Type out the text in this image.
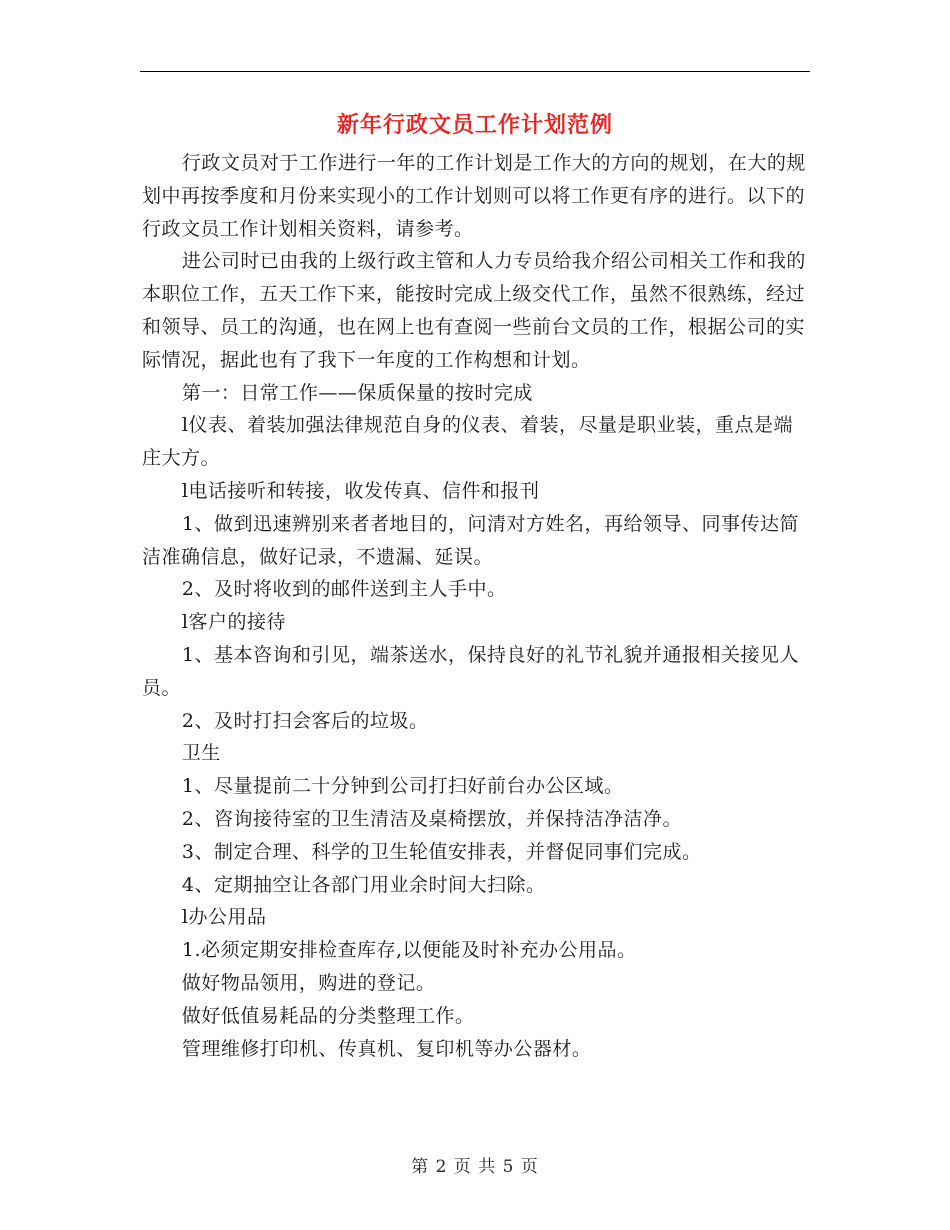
新年行政文员工作计划范例

行政文员对于工作进行一年的工作计划是工作大的方向的规划，在大的规划中再按季度和月份来实现小的工作计划则可以将工作更有序的进行。以下的行政文员工作计划相关资料，请参考。

进公司时已由我的上级行政主管和人力专员给我介绍公司相关工作和我的本职位工作，五天工作下来，能按时完成上级交代工作，虽然不很熟练，经过和领导、员工的沟通，也在网上也有查阅一些前台文员的工作，根据公司的实际情况，据此也有了我下一年度的工作构想和计划。

第一：日常工作——保质保量的按时完成

l仪表、着装加强法律规范自身的仪表、着装，尽量是职业装，重点是端庄大方。

l电话接听和转接，收发传真、信件和报刊

1、做到迅速辨别来者者地目的，问清对方姓名，再给领导、同事传达简洁准确信息，做好记录，不遗漏、延误。

2、及时将收到的邮件送到主人手中。

l客户的接待

1、基本咨询和引见，端茶送水，保持良好的礼节礼貌并通报相关接见人员。

2、及时打扫会客后的垃圾。

卫生

1、尽量提前二十分钟到公司打扫好前台办公区域。

2、咨询接待室的卫生清洁及桌椅摆放，并保持洁净洁净。

3、制定合理、科学的卫生轮值安排表，并督促同事们完成。

4、定期抽空让各部门用业余时间大扫除。

l办公用品

1.必须定期安排检查库存,以便能及时补充办公用品。

做好物品领用，购进的登记。

做好低值易耗品的分类整理工作。

管理维修打印机、传真机、复印机等办公器材。

第 2 页 共 5 页
